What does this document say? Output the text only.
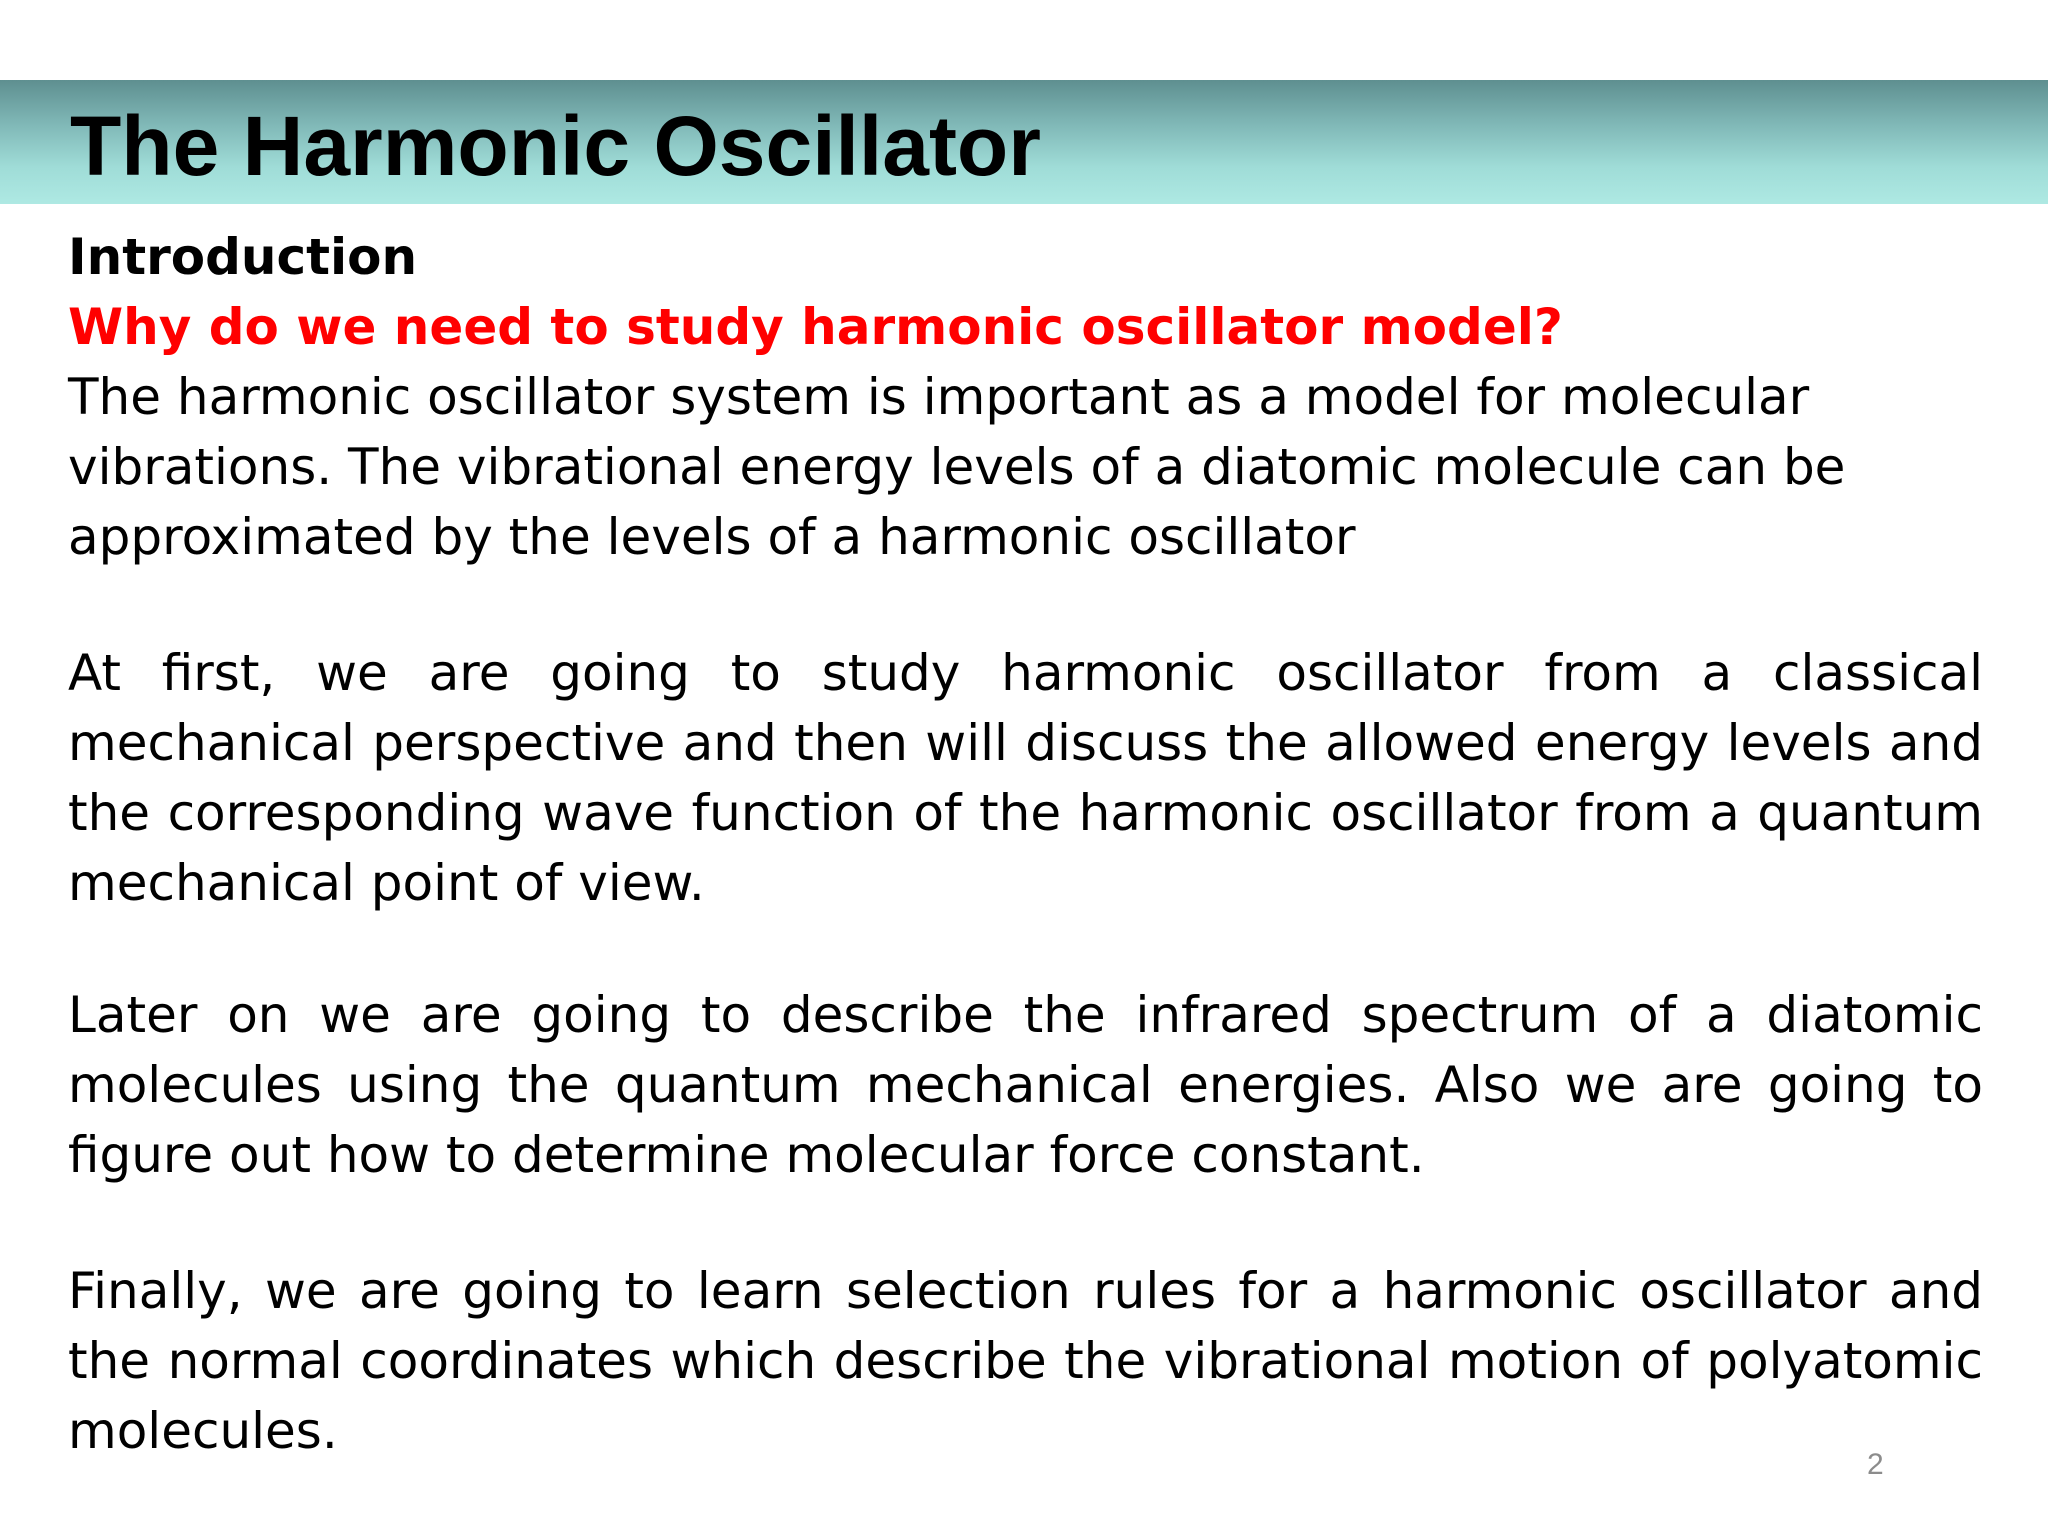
The Harmonic Oscillator

Introduction

Why do we need to study harmonic oscillator model?

The harmonic oscillator system is important as a model for molecular vibrations. The vibrational energy levels of a diatomic molecule can be approximated by the levels of a harmonic oscillator

At first, we are going to study harmonic oscillator from a classical mechanical perspective and then will discuss the allowed energy levels and the corresponding wave function of the harmonic oscillator from a quantum mechanical point of view.

Later on we are going to describe the infrared spectrum of a diatomic molecules using the quantum mechanical energies. Also we are going to figure out how to determine molecular force constant.

Finally, we are going to learn selection rules for a harmonic oscillator and the normal coordinates which describe the vibrational motion of polyatomic molecules.

2
